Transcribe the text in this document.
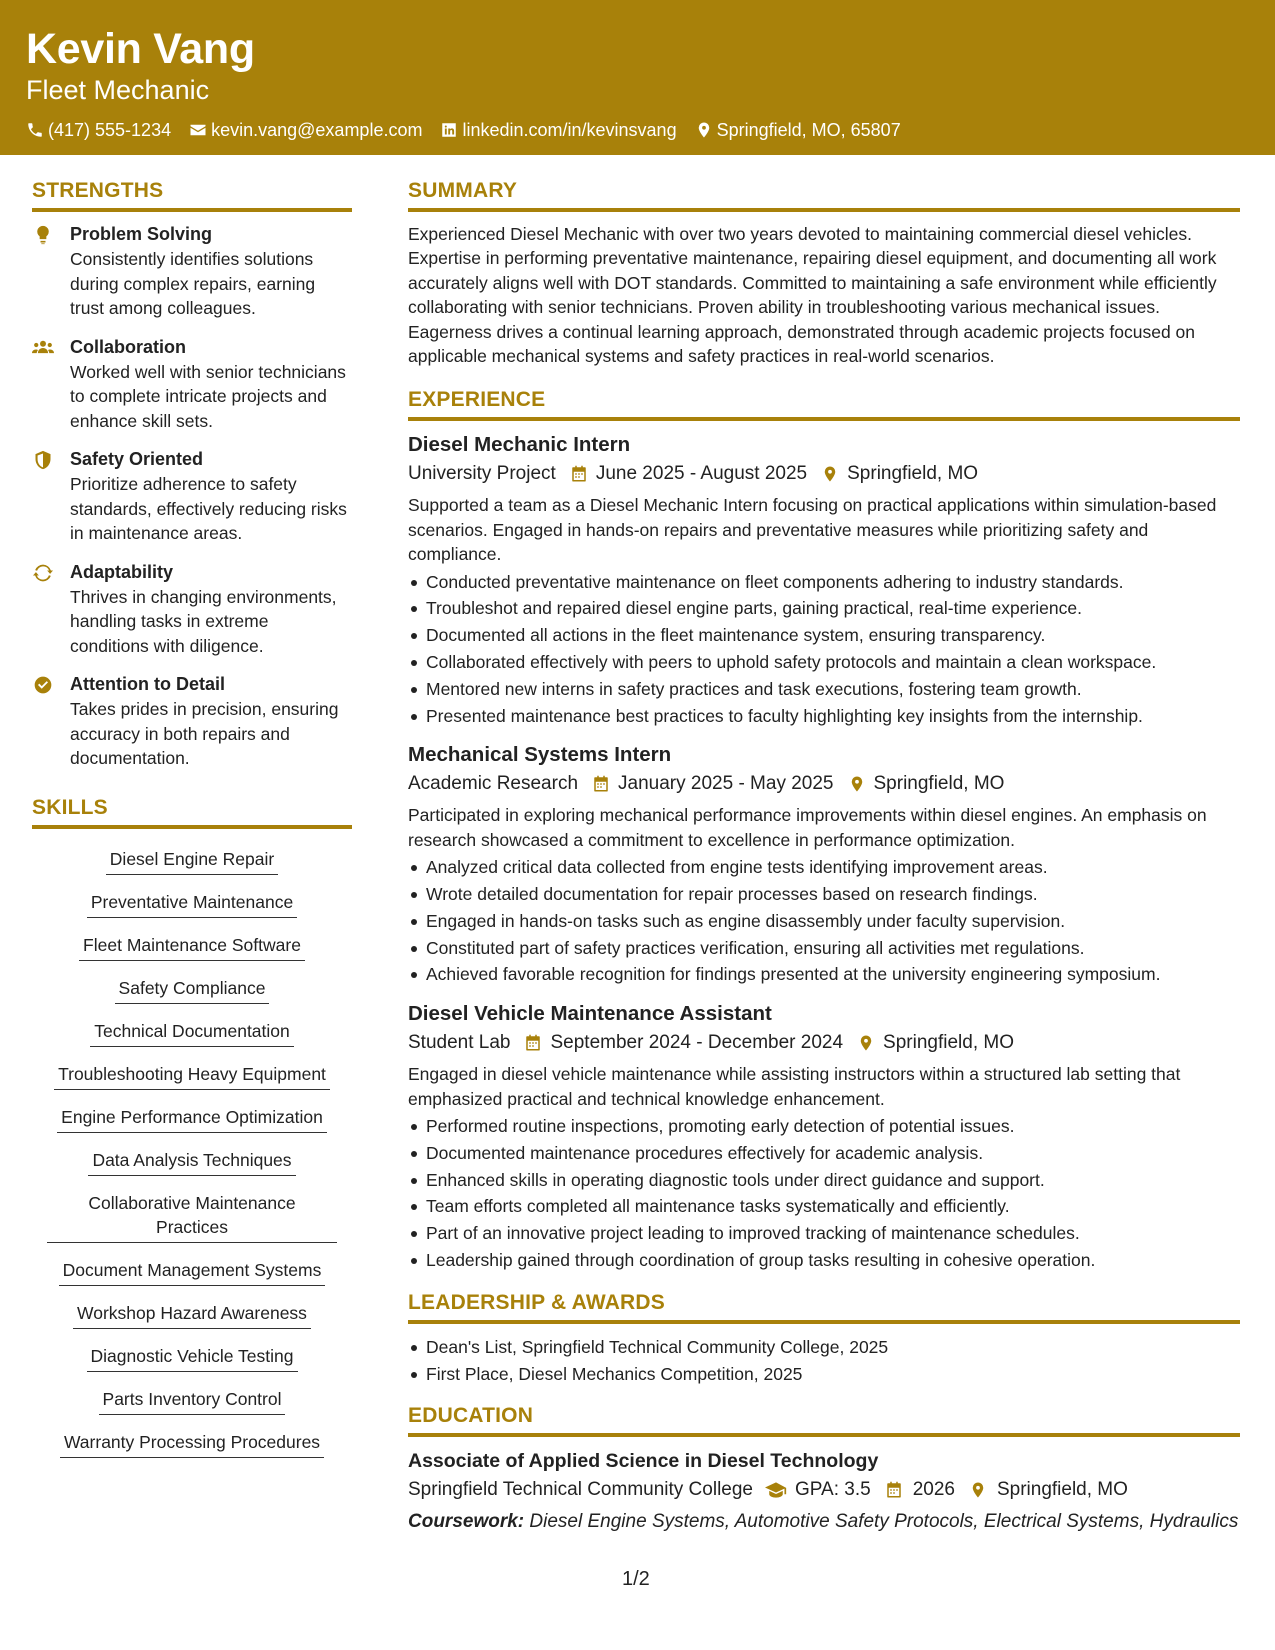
Kevin Vang
Fleet Mechanic
(417) 555-1234 kevin.vang@example.com linkedin.com/in/kevinsvang Springfield, MO, 65807
STRENGTHS
Problem Solving
Consistently identifies solutions during complex repairs, earning trust among colleagues.
Collaboration
Worked well with senior technicians to complete intricate projects and enhance skill sets.
Safety Oriented
Prioritize adherence to safety standards, effectively reducing risks in maintenance areas.
Adaptability
Thrives in changing environments, handling tasks in extreme conditions with diligence.
Attention to Detail
Takes prides in precision, ensuring accuracy in both repairs and documentation.
SKILLS
Diesel Engine Repair
Preventative Maintenance
Fleet Maintenance Software
Safety Compliance
Technical Documentation
Troubleshooting Heavy Equipment
Engine Performance Optimization
Data Analysis Techniques
Collaborative Maintenance Practices
Document Management Systems
Workshop Hazard Awareness
Diagnostic Vehicle Testing
Parts Inventory Control
Warranty Processing Procedures
SUMMARY
Experienced Diesel Mechanic with over two years devoted to maintaining commercial diesel vehicles. Expertise in performing preventative maintenance, repairing diesel equipment, and documenting all work accurately aligns well with DOT standards. Committed to maintaining a safe environment while efficiently collaborating with senior technicians. Proven ability in troubleshooting various mechanical issues. Eagerness drives a continual learning approach, demonstrated through academic projects focused on applicable mechanical systems and safety practices in real-world scenarios.
EXPERIENCE
Diesel Mechanic Intern
University Project June 2025 - August 2025 Springfield, MO
Supported a team as a Diesel Mechanic Intern focusing on practical applications within simulation-based scenarios. Engaged in hands-on repairs and preventative measures while prioritizing safety and compliance.
Conducted preventative maintenance on fleet components adhering to industry standards.
Troubleshot and repaired diesel engine parts, gaining practical, real-time experience.
Documented all actions in the fleet maintenance system, ensuring transparency.
Collaborated effectively with peers to uphold safety protocols and maintain a clean workspace.
Mentored new interns in safety practices and task executions, fostering team growth.
Presented maintenance best practices to faculty highlighting key insights from the internship.
Mechanical Systems Intern
Academic Research January 2025 - May 2025 Springfield, MO
Participated in exploring mechanical performance improvements within diesel engines. An emphasis on research showcased a commitment to excellence in performance optimization.
Analyzed critical data collected from engine tests identifying improvement areas.
Wrote detailed documentation for repair processes based on research findings.
Engaged in hands-on tasks such as engine disassembly under faculty supervision.
Constituted part of safety practices verification, ensuring all activities met regulations.
Achieved favorable recognition for findings presented at the university engineering symposium.
Diesel Vehicle Maintenance Assistant
Student Lab September 2024 - December 2024 Springfield, MO
Engaged in diesel vehicle maintenance while assisting instructors within a structured lab setting that emphasized practical and technical knowledge enhancement.
Performed routine inspections, promoting early detection of potential issues.
Documented maintenance procedures effectively for academic analysis.
Enhanced skills in operating diagnostic tools under direct guidance and support.
Team efforts completed all maintenance tasks systematically and efficiently.
Part of an innovative project leading to improved tracking of maintenance schedules.
Leadership gained through coordination of group tasks resulting in cohesive operation.
LEADERSHIP & AWARDS
Dean's List, Springfield Technical Community College, 2025
First Place, Diesel Mechanics Competition, 2025
EDUCATION
Associate of Applied Science in Diesel Technology
Springfield Technical Community College GPA: 3.5 2026 Springfield, MO
Coursework: Diesel Engine Systems, Automotive Safety Protocols, Electrical Systems, Hydraulics
1/2
